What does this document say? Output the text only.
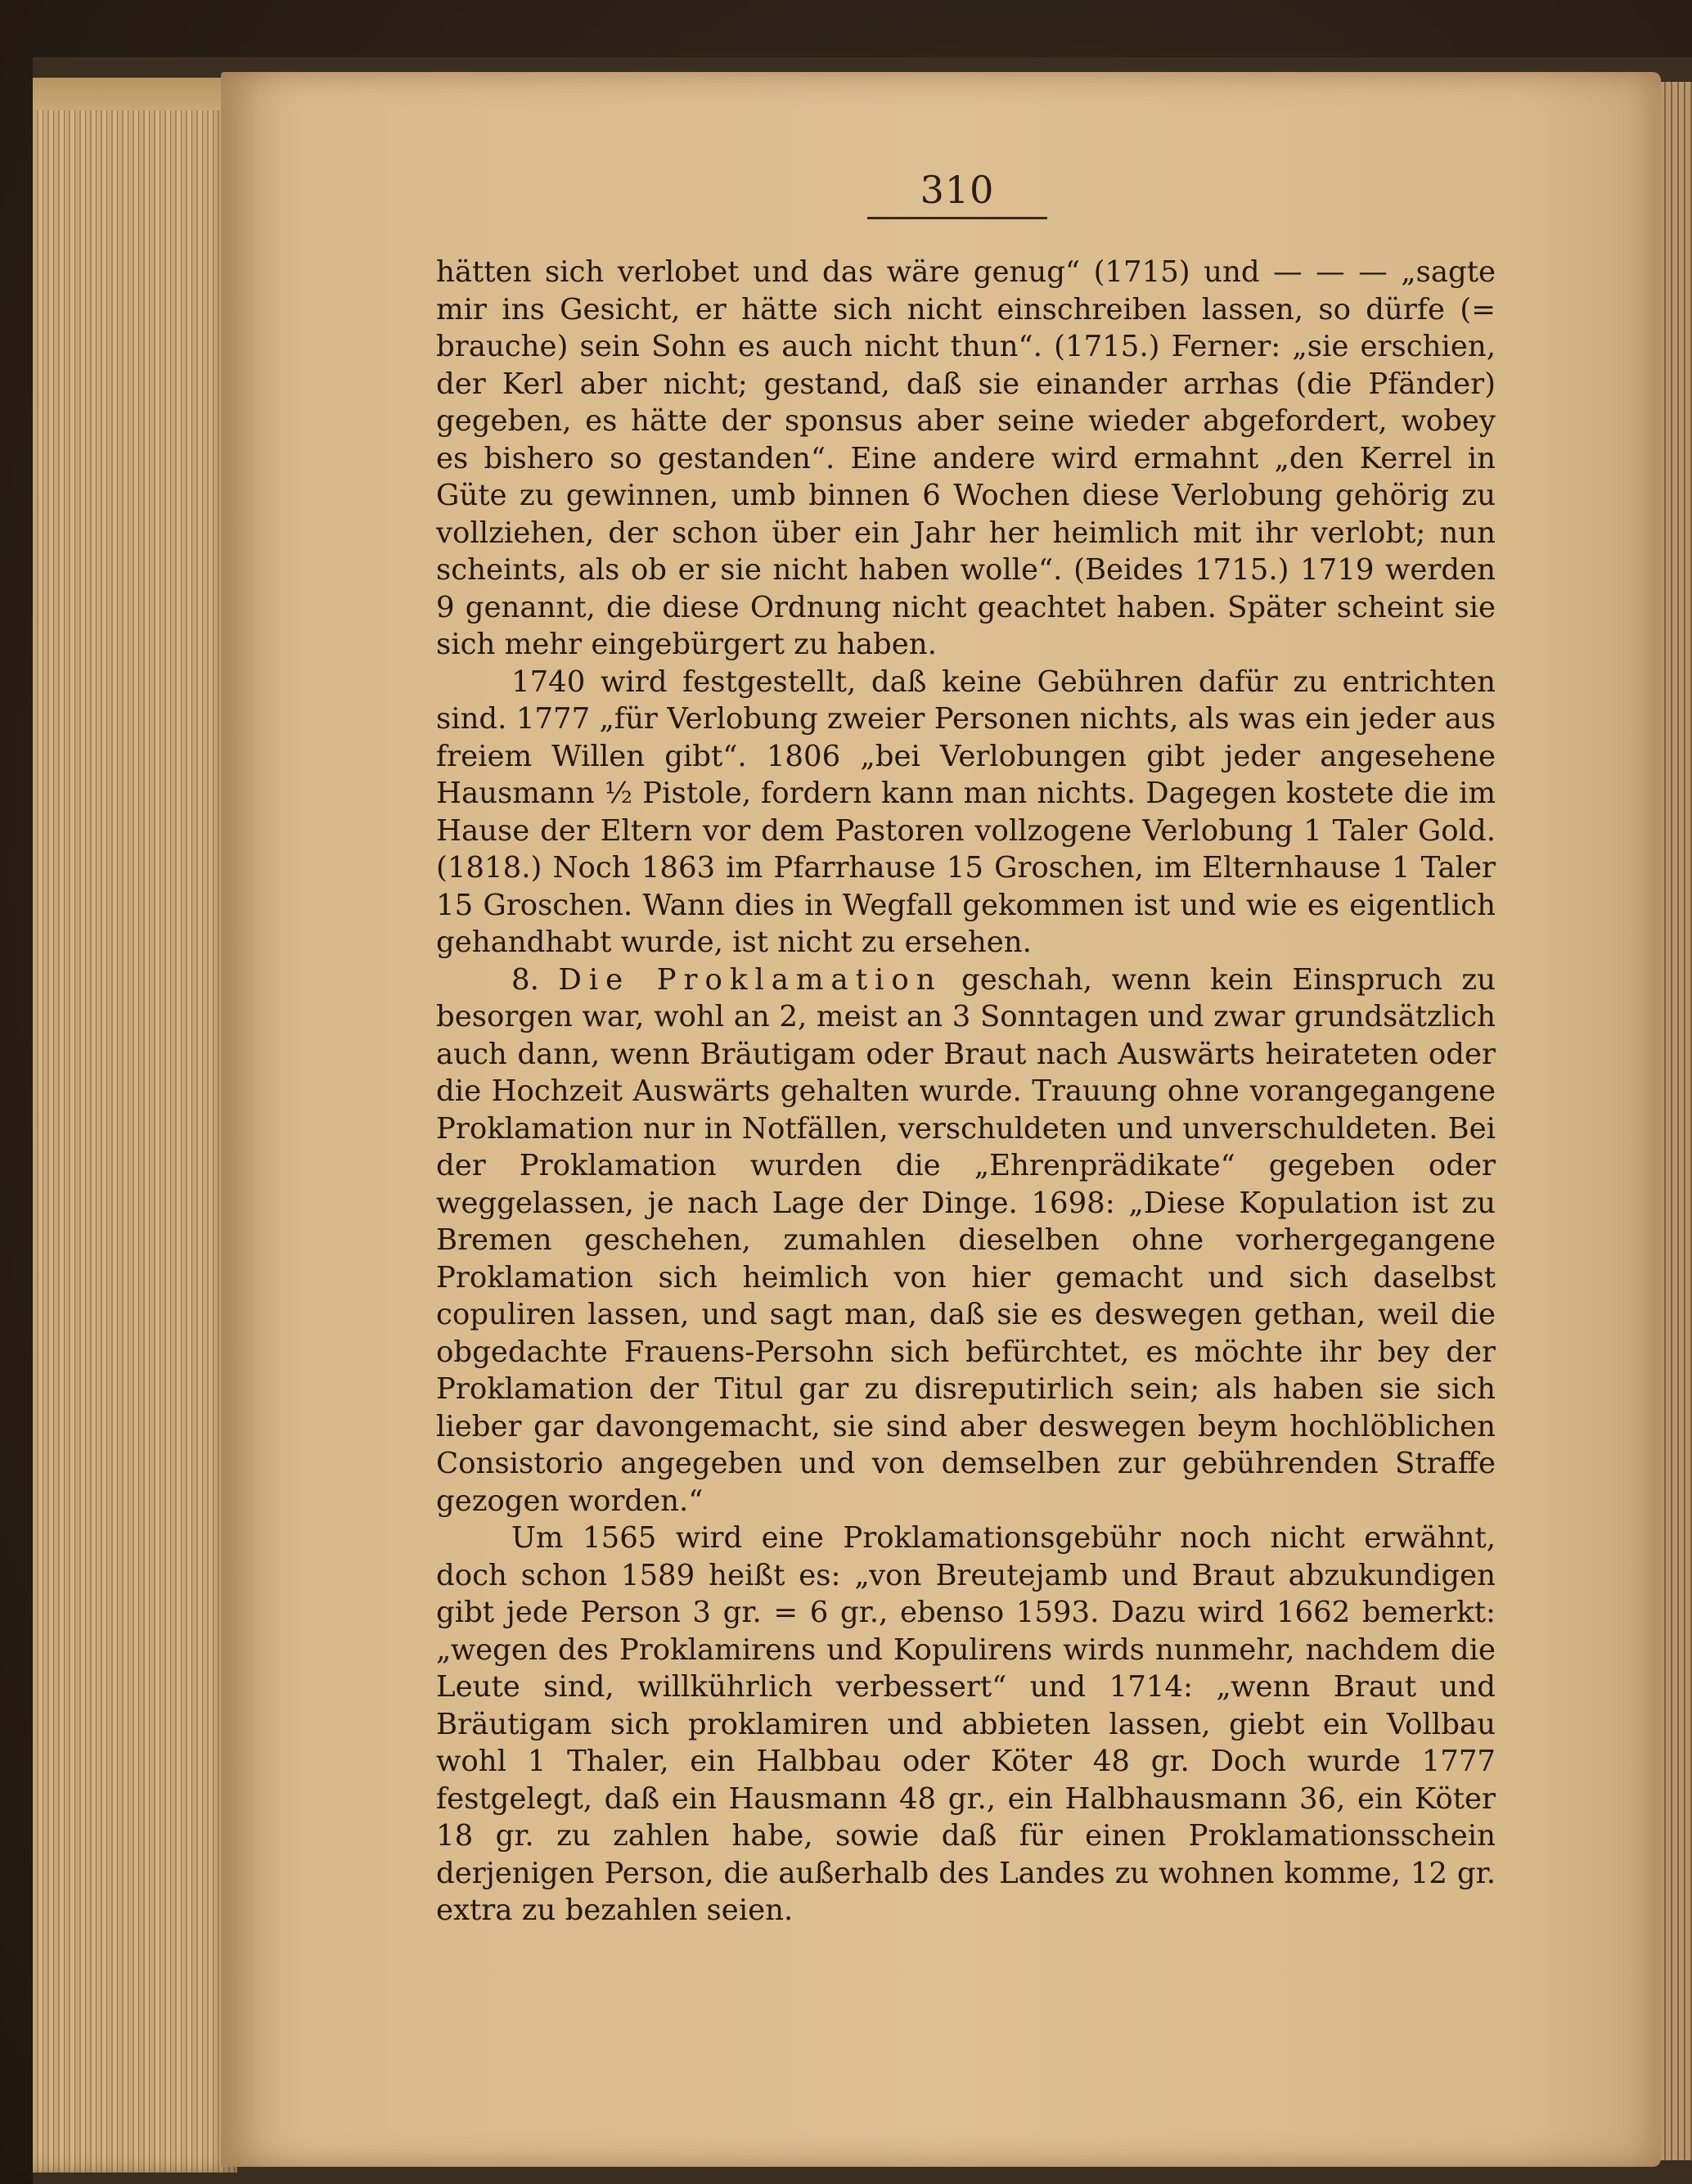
310

hätten sich verlobet und das wäre genug“ (1715) und — — — „sagte mir ins Gesicht, er hätte sich nicht einschreiben lassen, so dürfe (= brauche) sein Sohn es auch nicht thun“. (1715.) Ferner: „sie erschien, der Kerl aber nicht; gestand, daß sie einander arrhas (die Pfänder) gegeben, es hätte der sponsus aber seine wieder abgefordert, wobey es bishero so gestanden“. Eine andere wird ermahnt „den Kerrel in Güte zu gewinnen, umb binnen 6 Wochen diese Verlobung gehörig zu vollziehen, der schon über ein Jahr her heimlich mit ihr verlobt; nun scheints, als ob er sie nicht haben wolle“. (Beides 1715.) 1719 werden 9 genannt, die diese Ordnung nicht geachtet haben. Später scheint sie sich mehr eingebürgert zu haben.

1740 wird festgestellt, daß keine Gebühren dafür zu entrichten sind. 1777 „für Verlobung zweier Personen nichts, als was ein jeder aus freiem Willen gibt“. 1806 „bei Verlobungen gibt jeder angesehene Hausmann ½ Pistole, fordern kann man nichts. Dagegen kostete die im Hause der Eltern vor dem Pastoren vollzogene Verlobung 1 Taler Gold. (1818.) Noch 1863 im Pfarrhause 15 Groschen, im Elternhause 1 Taler 15 Groschen. Wann dies in Wegfall gekommen ist und wie es eigentlich gehandhabt wurde, ist nicht zu ersehen.

8. Die Proklamation geschah, wenn kein Einspruch zu besorgen war, wohl an 2, meist an 3 Sonntagen und zwar grundsätzlich auch dann, wenn Bräutigam oder Braut nach Auswärts heirateten oder die Hochzeit Auswärts gehalten wurde. Trauung ohne vorangegangene Proklamation nur in Notfällen, verschuldeten und unverschuldeten. Bei der Proklamation wurden die „Ehrenprädikate“ gegeben oder weggelassen, je nach Lage der Dinge. 1698: „Diese Kopulation ist zu Bremen geschehen, zumahlen dieselben ohne vorhergegangene Proklamation sich heimlich von hier gemacht und sich daselbst copuliren lassen, und sagt man, daß sie es deswegen gethan, weil die obgedachte Frauens-Persohn sich befürchtet, es möchte ihr bey der Proklamation der Titul gar zu disreputirlich sein; als haben sie sich lieber gar davongemacht, sie sind aber deswegen beym hochlöblichen Consistorio angegeben und von demselben zur gebührenden Straffe gezogen worden.“

Um 1565 wird eine Proklamationsgebühr noch nicht erwähnt, doch schon 1589 heißt es: „von Breutejamb und Braut abzukundigen gibt jede Person 3 gr. = 6 gr., ebenso 1593. Dazu wird 1662 bemerkt: „wegen des Proklamirens und Kopulirens wirds nunmehr, nachdem die Leute sind, willkührlich verbessert“ und 1714: „wenn Braut und Bräutigam sich proklamiren und abbieten lassen, giebt ein Vollbau wohl 1 Thaler, ein Halbbau oder Köter 48 gr. Doch wurde 1777 festgelegt, daß ein Hausmann 48 gr., ein Halbhausmann 36, ein Köter 18 gr. zu zahlen habe, sowie daß für einen Proklamationsschein derjenigen Person, die außerhalb des Landes zu wohnen komme, 12 gr. extra zu bezahlen seien.
